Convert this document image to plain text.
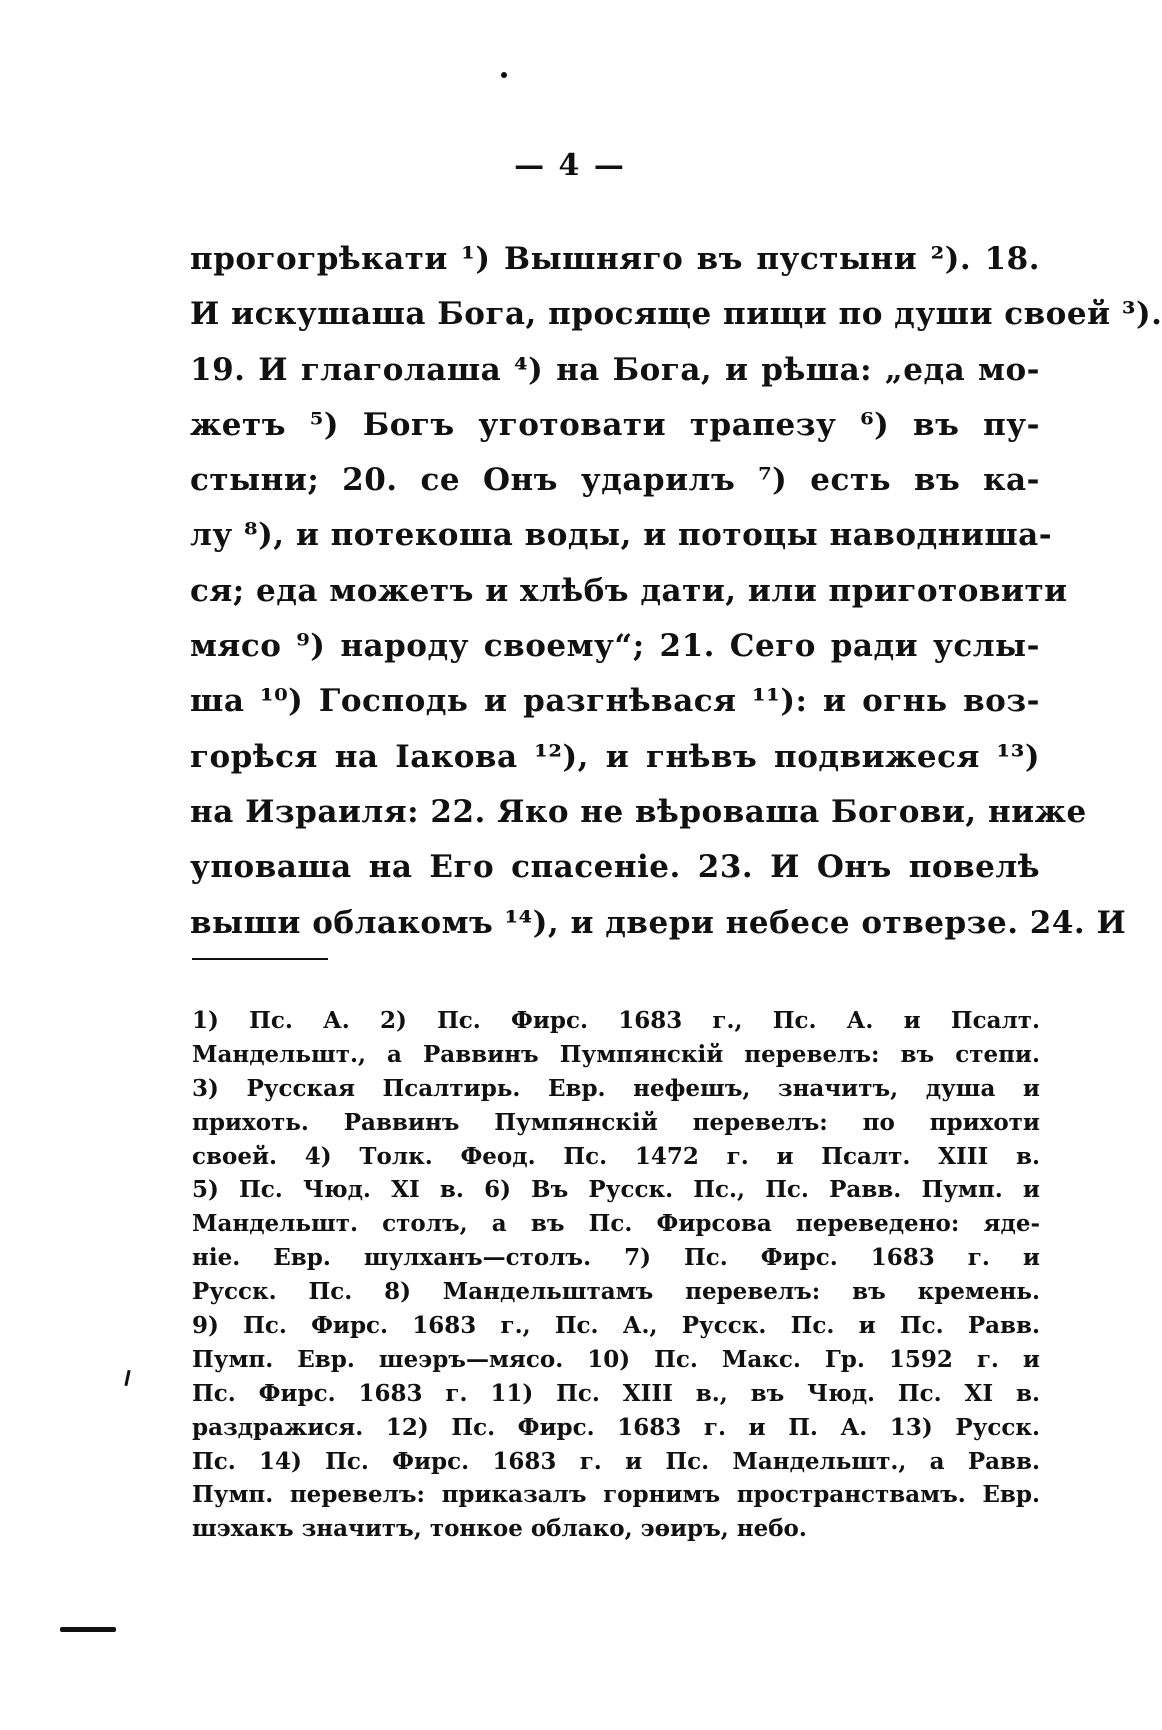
— 4 —
прогогрѣкати ¹) Вышняго въ пустыни ²). 18.
И искушаша Бога, просяще пищи по души своей ³).
19. И глаголаша ⁴) на Бога, и рѣша: „еда мо-
жетъ ⁵) Богъ уготовати трапезу ⁶) въ пу-
стыни; 20. се Онъ ударилъ ⁷) есть въ ка-
лу ⁸), и потекоша воды, и потоцы наводниша-
ся; еда можетъ и хлѣбъ дати, или приготовити
мясо ⁹) народу своему“; 21. Сего ради услы-
ша ¹⁰) Господь и разгнѣвася ¹¹): и огнь воз-
горѣся на Іакова ¹²), и гнѣвъ подвижеся ¹³)
на Израиля: 22. Яко не вѣроваша Богови, ниже
уповаша на Его спасеніе. 23. И Онъ повелѣ
выши облакомъ ¹⁴), и двери небесе отверзе. 24. И
1) Пс. А. 2) Пс. Фирс. 1683 г., Пс. А. и Псалт.
Мандельшт., а Раввинъ Пумпянскій перевелъ: въ степи.
3) Русская Псалтирь. Евр. нефешъ, значитъ, душа и
прихоть. Раввинъ Пумпянскій перевелъ: по прихоти
своей. 4) Толк. Феод. Пс. 1472 г. и Псалт. XIII в.
5) Пс. Чюд. XI в. 6) Въ Русск. Пс., Пс. Равв. Пумп. и
Мандельшт. столъ, а въ Пс. Фирсова переведено: яде-
ніе. Евр. шулханъ—столъ. 7) Пс. Фирс. 1683 г. и
Русск. Пс. 8) Мандельштамъ перевелъ: въ кремень.
9) Пс. Фирс. 1683 г., Пс. А., Русск. Пс. и Пс. Равв.
Пумп. Евр. шеэръ—мясо. 10) Пс. Макс. Гр. 1592 г. и
Пс. Фирс. 1683 г. 11) Пс. XIII в., въ Чюд. Пс. XI в.
раздражися. 12) Пс. Фирс. 1683 г. и П. А. 13) Русск.
Пс. 14) Пс. Фирс. 1683 г. и Пс. Мандельшт., а Равв.
Пумп. перевелъ: приказалъ горнимъ пространствамъ. Евр.
шэхакъ значитъ, тонкое облако, эөиръ, небо.
